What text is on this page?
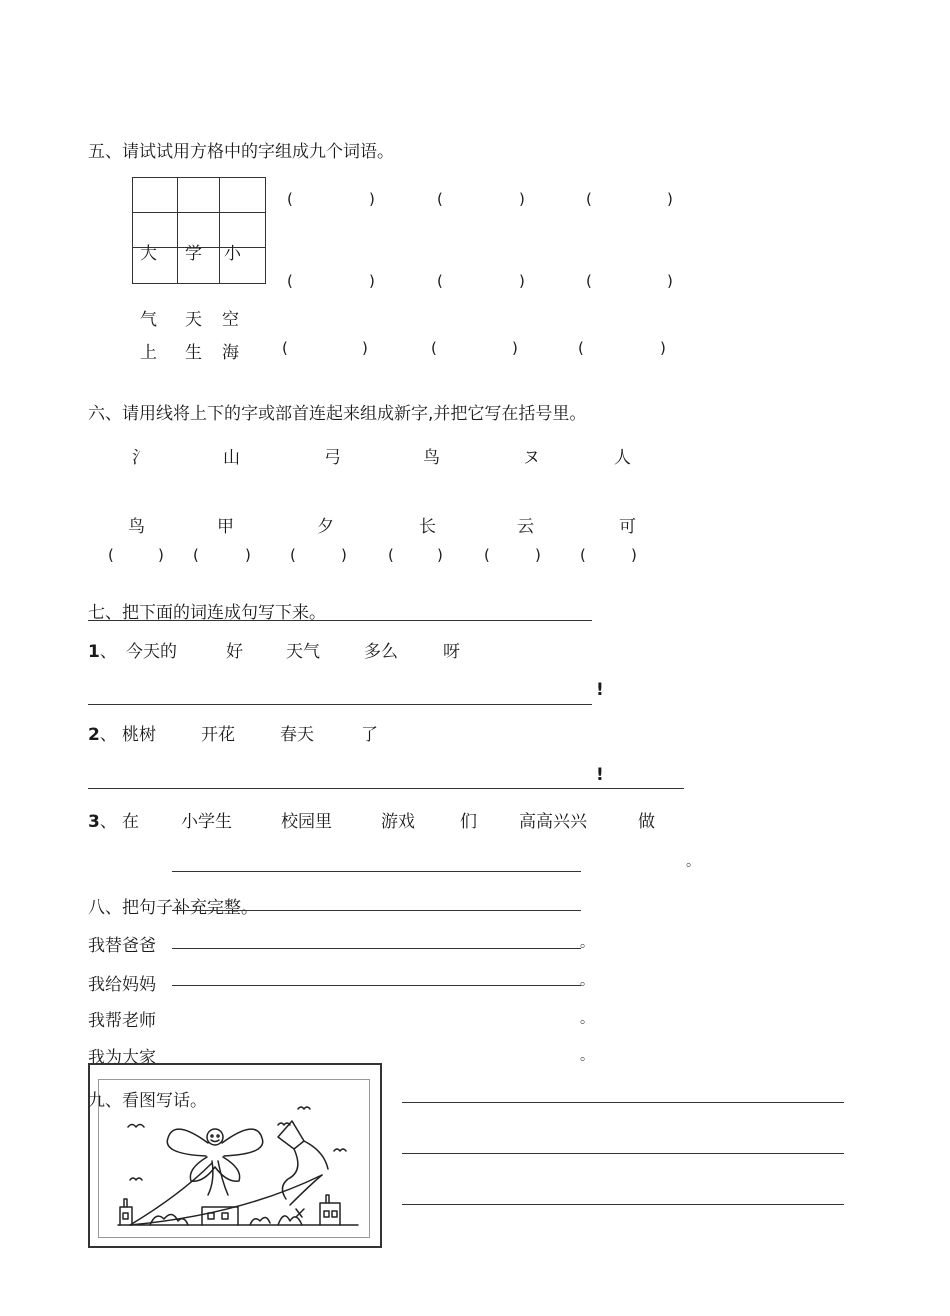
五、请试试用方格中的字组成九个词语。
大 学 小
气 天 空
上 生 海
(	)	(	)	(	)
(	)	(	)	(	)
(	)	(	)	(	)
六、请用线将上下的字或部首连起来组成新字,并把它写在括号里。
氵	山	弓	鸟	ヌ	人
鸟	甲	夕	长	云	可
(	) (	)	(	)	(	)	(	)	(	)
七、把下面的词连成句写下来。
1、 今天的	好	天气	多么	呀
!
2、 桃树	开花	春天	了
!
3、 在 小学生	校园里	游戏	们 高高兴兴	做
。
八、把句子补充完整。
我替爸爸	。
我给妈妈	。
我帮老师	。
我为大家	。
九、看图写话。
